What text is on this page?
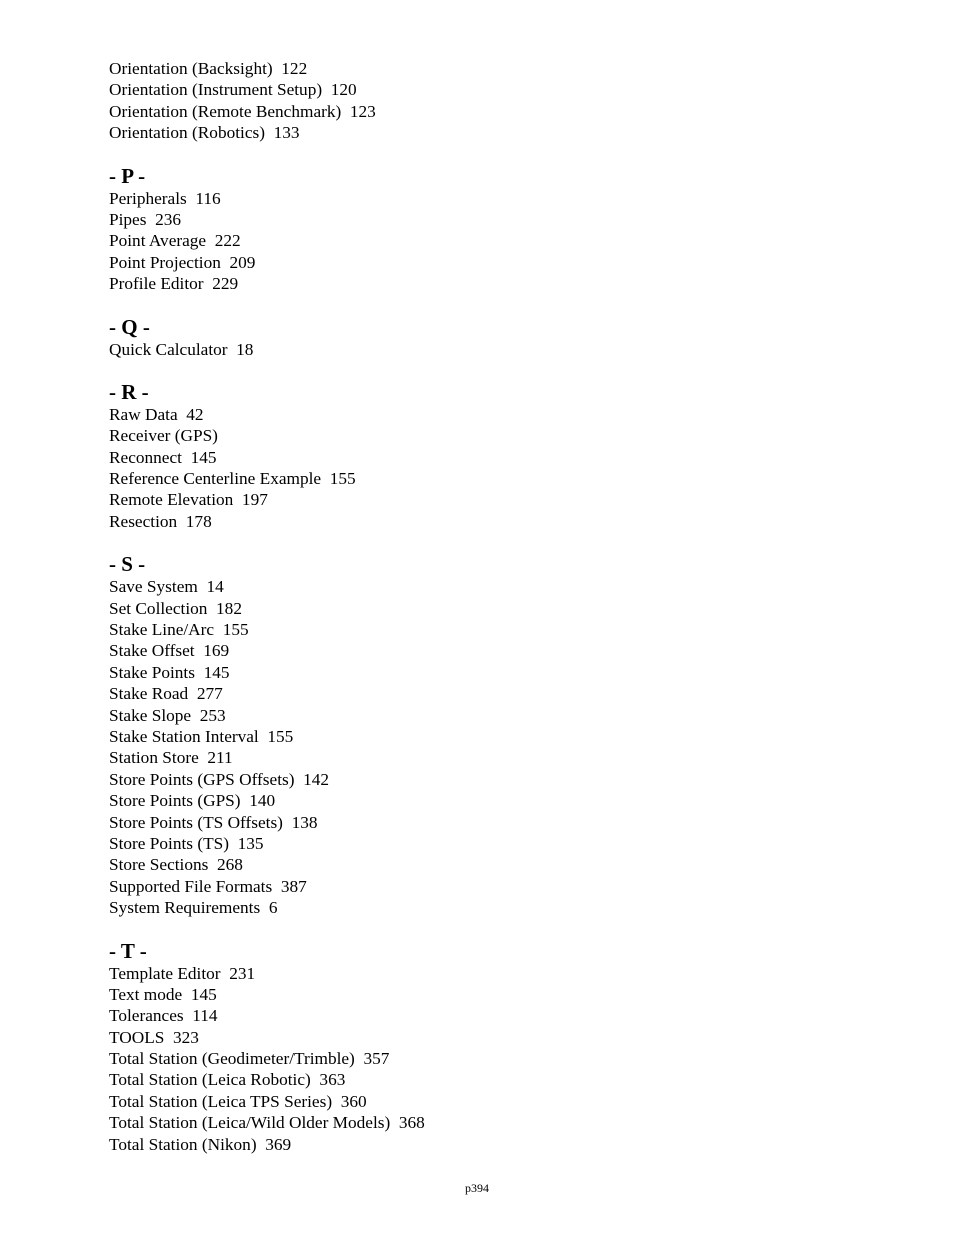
Orientation (Backsight)  122
Orientation (Instrument Setup)  120
Orientation (Remote Benchmark)  123
Orientation (Robotics)  133
- P -
Peripherals  116
Pipes  236
Point Average  222
Point Projection  209
Profile Editor  229
- Q -
Quick Calculator  18
- R -
Raw Data  42
Receiver (GPS)
Reconnect  145
Reference Centerline Example  155
Remote Elevation  197
Resection  178
- S -
Save System  14
Set Collection  182
Stake Line/Arc  155
Stake Offset  169
Stake Points  145
Stake Road  277
Stake Slope  253
Stake Station Interval  155
Station Store  211
Store Points (GPS Offsets)  142
Store Points (GPS)  140
Store Points (TS Offsets)  138
Store Points (TS)  135
Store Sections  268
Supported File Formats  387
System Requirements  6
- T -
Template Editor  231
Text mode  145
Tolerances  114
TOOLS  323
Total Station (Geodimeter/Trimble)  357
Total Station (Leica Robotic)  363
Total Station (Leica TPS Series)  360
Total Station (Leica/Wild Older Models)  368
Total Station (Nikon)  369
p394
